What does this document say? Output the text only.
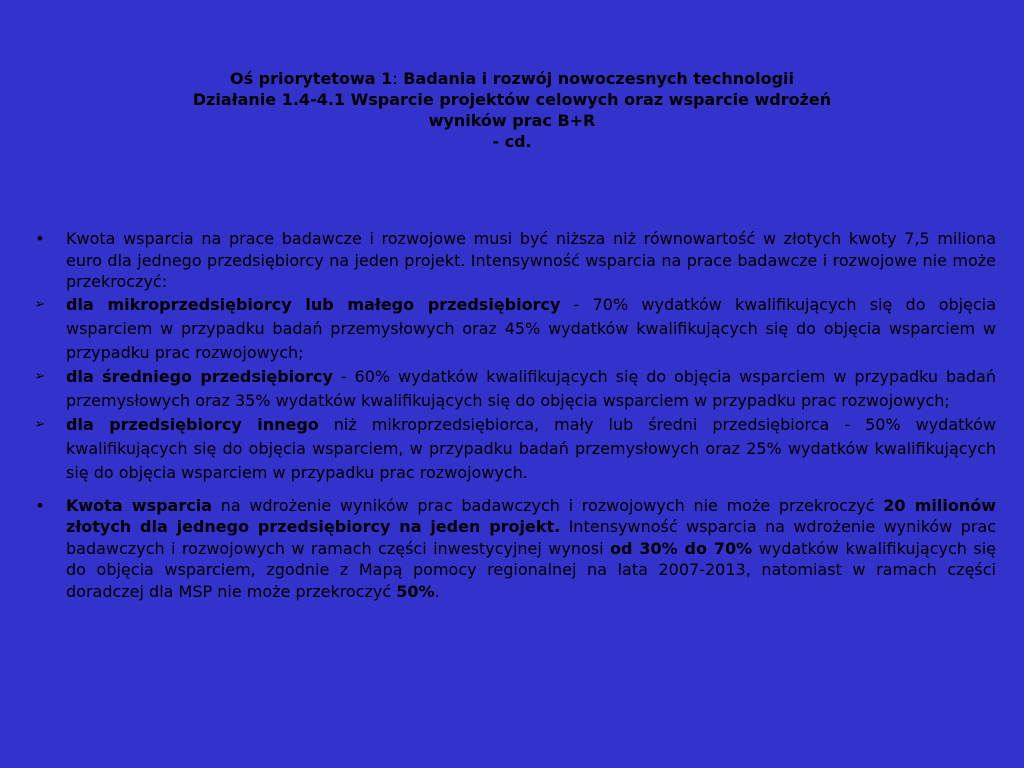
Oś priorytetowa 1: Badania i rozwój nowoczesnych technologii
Działanie 1.4-4.1 Wsparcie projektów celowych oraz wsparcie wdrożeń
wyników prac B+R
- cd.
•	Kwota wsparcia na prace badawcze i rozwojowe musi być niższa niż równowartość w złotych kwoty 7,5 miliona euro dla jednego przedsiębiorcy na jeden projekt. Intensywność wsparcia na prace badawcze i rozwojowe nie może przekroczyć:
➢	dla mikroprzedsiębiorcy lub małego przedsiębiorcy - 70% wydatków kwalifikujących się do objęcia wsparciem w przypadku badań przemysłowych oraz 45% wydatków kwalifikujących się do objęcia wsparciem w przypadku prac rozwojowych;
➢	dla średniego przedsiębiorcy - 60% wydatków kwalifikujących się do objęcia wsparciem w przypadku badań przemysłowych oraz 35% wydatków kwalifikujących się do objęcia wsparciem w przypadku prac rozwojowych;
➢	dla przedsiębiorcy innego niż mikroprzedsiębiorca, mały lub średni przedsiębiorca - 50% wydatków kwalifikujących się do objęcia wsparciem, w przypadku badań przemysłowych oraz 25% wydatków kwalifikujących się do objęcia wsparciem w przypadku prac rozwojowych.
•	Kwota wsparcia na wdrożenie wyników prac badawczych i rozwojowych nie może przekroczyć 20 milionów złotych dla jednego przedsiębiorcy na jeden projekt. Intensywność wsparcia na wdrożenie wyników prac badawczych i rozwojowych w ramach części inwestycyjnej wynosi od 30% do 70% wydatków kwalifikujących się do objęcia wsparciem, zgodnie z Mapą pomocy regionalnej na lata 2007-2013, natomiast w ramach części doradczej dla MSP nie może przekroczyć 50%.
